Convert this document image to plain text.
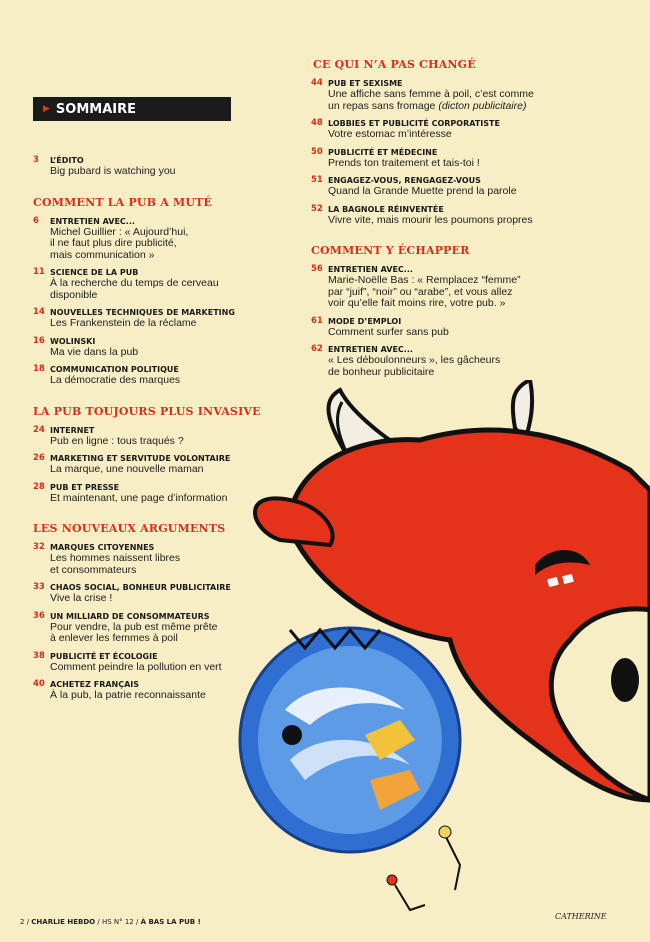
▶ SOMMAIRE
3 L’ÉDITO
Big pubard is watching you
COMMENT LA PUB A MUTÉ
6 ENTRETIEN AVEC...
Michel Guillier : « Aujourd’hui,
il ne faut plus dire publicité,
mais communication »
11 SCIENCE DE LA PUB
À la recherche du temps de cerveau
disponible
14 NOUVELLES TECHNIQUES DE MARKETING
Les Frankenstein de la réclame
16 WOLINSKI
Ma vie dans la pub
18 COMMUNICATION POLITIQUE
La démocratie des marques
LA PUB TOUJOURS PLUS INVASIVE
24 INTERNET
Pub en ligne : tous traqués ?
26 MARKETING ET SERVITUDE VOLONTAIRE
La marque, une nouvelle maman
28 PUB ET PRESSE
Et maintenant, une page d’information
LES NOUVEAUX ARGUMENTS
32 MARQUES CITOYENNES
Les hommes naissent libres
et consommateurs
33 CHAOS SOCIAL, BONHEUR PUBLICITAIRE
Vive la crise !
36 UN MILLIARD DE CONSOMMATEURS
Pour vendre, la pub est même prête
à enlever les femmes à poil
38 PUBLICITÉ ET ÉCOLOGIE
Comment peindre la pollution en vert
40 ACHETEZ FRANÇAIS
À la pub, la patrie reconnaissante
CE QUI N’A PAS CHANGÉ
44 PUB ET SEXISME
Une affiche sans femme à poil, c’est comme
un repas sans fromage (dicton publicitaire)
48 LOBBIES ET PUBLICITÉ CORPORATISTE
Votre estomac m’intéresse
50 PUBLICITÉ ET MÉDECINE
Prends ton traitement et tais-toi !
51 ENGAGEZ-VOUS, RENGAGEZ-VOUS
Quand la Grande Muette prend la parole
52 LA BAGNOLE RÉINVENTÉE
Vivre vite, mais mourir les poumons propres
COMMENT Y ÉCHAPPER
56 ENTRETIEN AVEC...
Marie-Noëlle Bas : « Remplacez “femme”
par “juif”, “noir” ou “arabe”, et vous allez
voir qu’elle fait moins rire, votre pub. »
61 MODE D’EMPLOI
Comment surfer sans pub
62 ENTRETIEN AVEC...
« Les déboulonneurs », les gâcheurs
de bonheur publicitaire
2 / CHARLIE HEBDO / HS N° 12 / À BAS LA PUB !
CATHERINE
